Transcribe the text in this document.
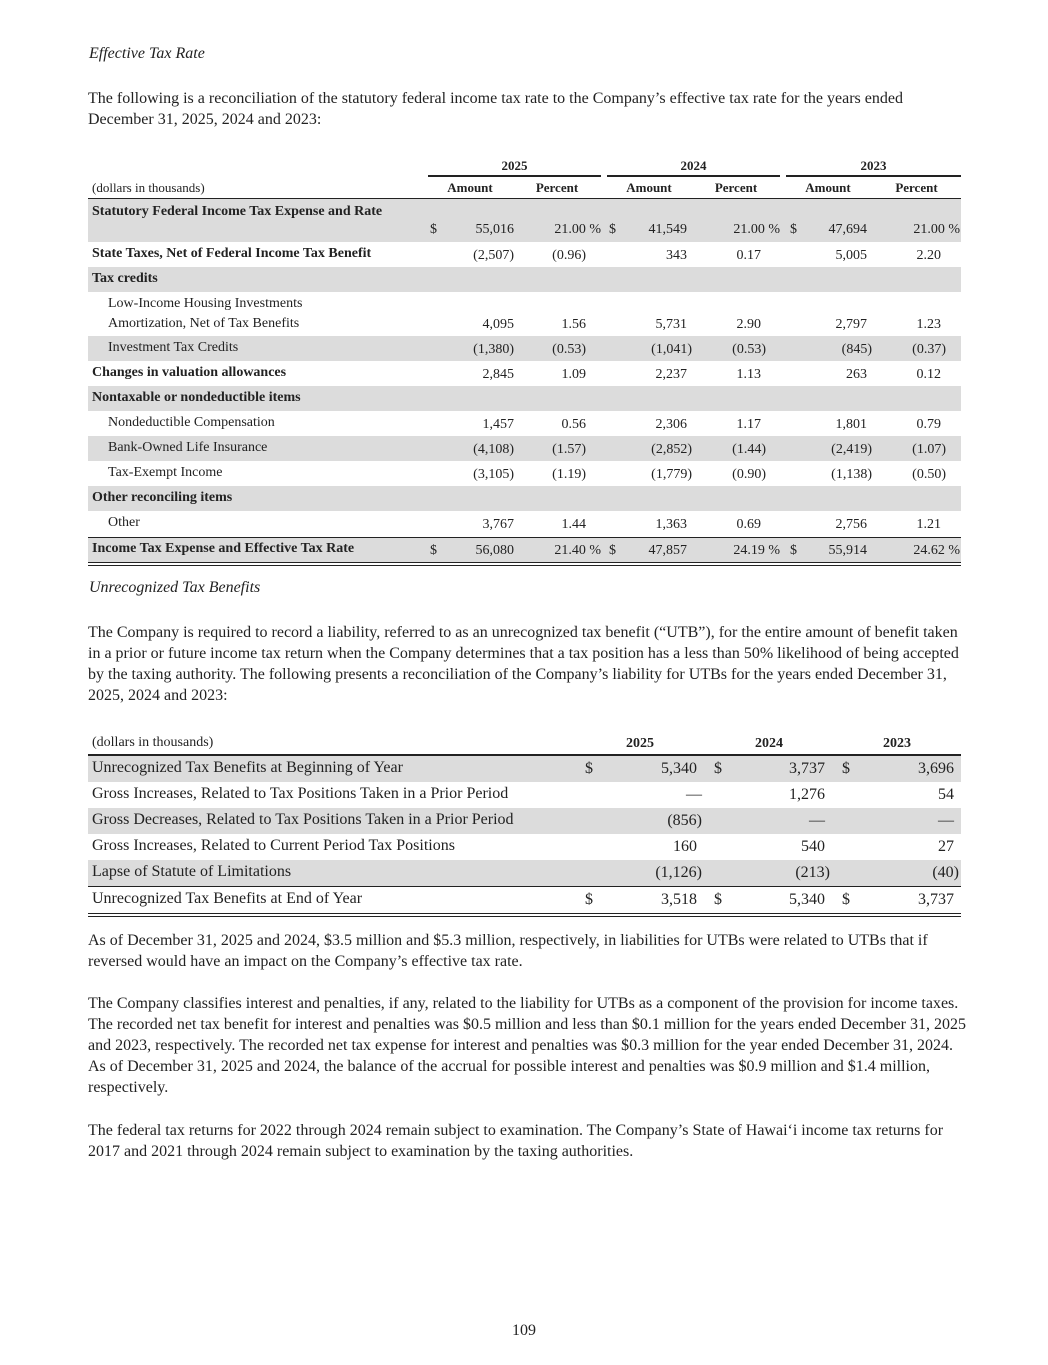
Effective Tax Rate
The following is a reconciliation of the statutory federal income tax rate to the Company’s effective tax rate for the years ended December 31, 2025, 2024 and 2023:
2025	2024	2023
(dollars in thousands)	Amount	Percent	Amount	Percent	Amount	Percent
Statutory Federal Income Tax Expense and Rate
$	55,016	21.00 % $	41,549	21.00 % $	47,694	21.00 %
State Taxes, Net of Federal Income Tax Benefit	(2,507)	(0.96)	343	0.17	5,005	2.20
Tax credits
Low-Income Housing Investments
Amortization, Net of Tax Benefits	4,095	1.56	5,731	2.90	2,797	1.23
Investment Tax Credits	(1,380)	(0.53)	(1,041)	(0.53)	(845)	(0.37)
Changes in valuation allowances	2,845	1.09	2,237	1.13	263	0.12
Nontaxable or nondeductible items
Nondeductible Compensation	1,457	0.56	2,306	1.17	1,801	0.79
Bank-Owned Life Insurance	(4,108)	(1.57)	(2,852)	(1.44)	(2,419)	(1.07)
Tax-Exempt Income	(3,105)	(1.19)	(1,779)	(0.90)	(1,138)	(0.50)
Other reconciling items
Other	3,767	1.44	1,363	0.69	2,756	1.21
Income Tax Expense and Effective Tax Rate	$	56,080	21.40 % $	47,857	24.19 % $	55,914	24.62 %
Unrecognized Tax Benefits
The Company is required to record a liability, referred to as an unrecognized tax benefit (“UTB”), for the entire amount of benefit taken in a prior or future income tax return when the Company determines that a tax position has a less than 50% likelihood of being accepted by the taxing authority. The following presents a reconciliation of the Company’s liability for UTBs for the years ended December 31, 2025, 2024 and 2023:
(dollars in thousands)	2025	2024	2023
Unrecognized Tax Benefits at Beginning of Year	$	5,340 $	3,737 $	3,696
Gross Increases, Related to Tax Positions Taken in a Prior Period	—	1,276	54
Gross Decreases, Related to Tax Positions Taken in a Prior Period	(856)	—	—
Gross Increases, Related to Current Period Tax Positions	160	540	27
Lapse of Statute of Limitations	(1,126)	(213)	(40)
Unrecognized Tax Benefits at End of Year	$	3,518 $	5,340 $	3,737
As of December 31, 2025 and 2024, $3.5 million and $5.3 million, respectively, in liabilities for UTBs were related to UTBs that if reversed would have an impact on the Company’s effective tax rate.
The Company classifies interest and penalties, if any, related to the liability for UTBs as a component of the provision for income taxes. The recorded net tax benefit for interest and penalties was $0.5 million and less than $0.1 million for the years ended December 31, 2025 and 2023, respectively. The recorded net tax expense for interest and penalties was $0.3 million for the year ended December 31, 2024. As of December 31, 2025 and 2024, the balance of the accrual for possible interest and penalties was $0.9 million and $1.4 million, respectively.
The federal tax returns for 2022 through 2024 remain subject to examination. The Company’s State of Hawai‘i income tax returns for 2017 and 2021 through 2024 remain subject to examination by the taxing authorities.
109
